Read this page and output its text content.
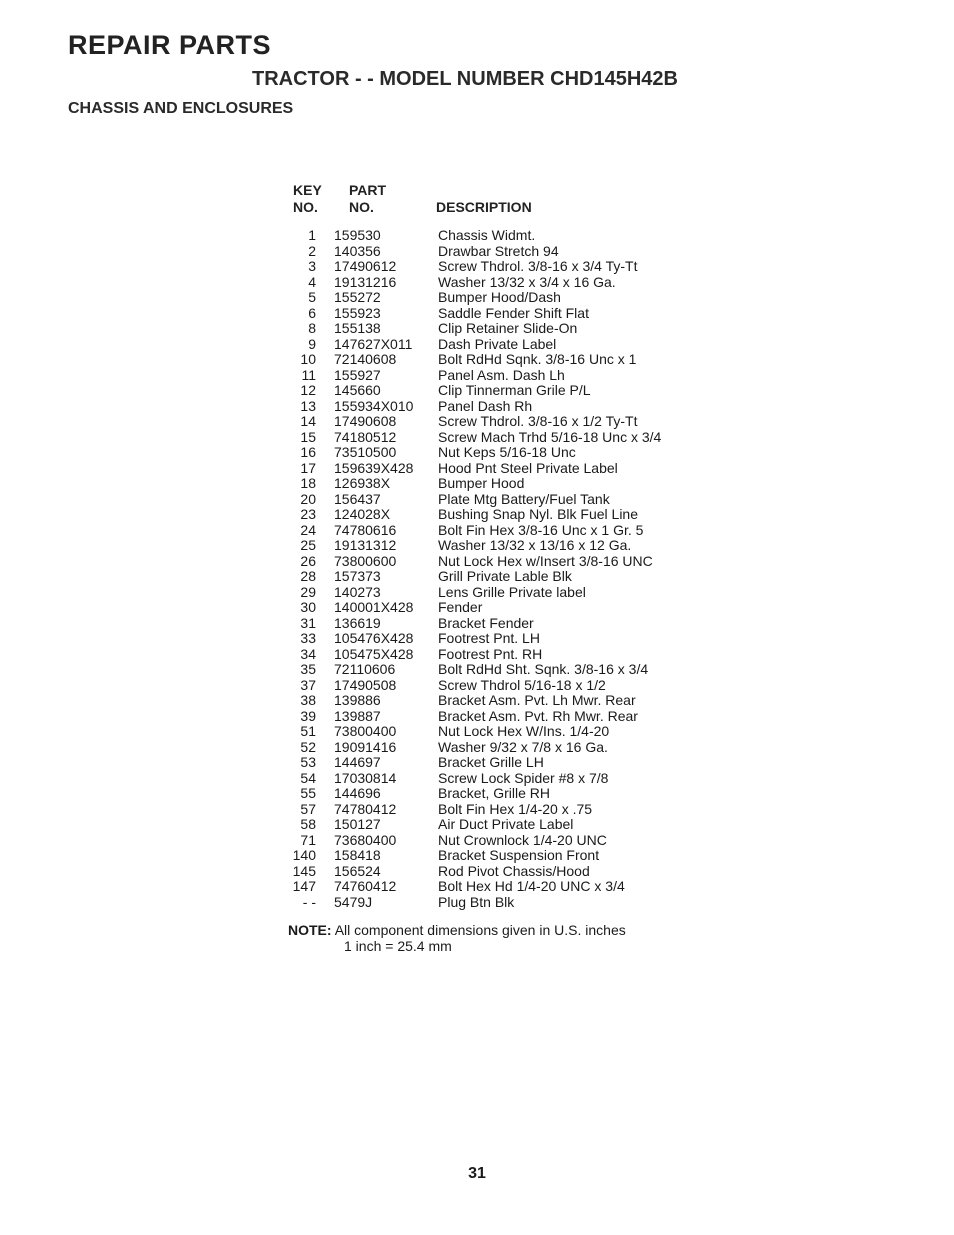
REPAIR PARTS
TRACTOR - - MODEL NUMBER CHD145H42B
CHASSIS AND ENCLOSURES
KEY
NO.
PART
NO.	DESCRIPTION
1 159530	Chassis Widmt.
2 140356	Drawbar Stretch 94
3 17490612	Screw Thdrol. 3/8-16 x 3/4 Ty-Tt
4 19131216	Washer 13/32 x 3/4 x 16 Ga.
5 155272	Bumper Hood/Dash
6 155923	Saddle Fender Shift Flat
8 155138	Clip Retainer Slide-On
9 147627X011 Dash Private Label
10 72140608	Bolt RdHd Sqnk. 3/8-16 Unc x 1
11 155927	Panel Asm. Dash Lh
12 145660	Clip Tinnerman Grile P/L
13 155934X010 Panel Dash Rh
14 17490608	Screw Thdrol. 3/8-16 x 1/2 Ty-Tt
15 74180512	Screw Mach Trhd 5/16-18 Unc x 3/4
16 73510500	Nut Keps 5/16-18 Unc
17 159639X428 Hood Pnt Steel Private Label
18 126938X	Bumper Hood
20 156437	Plate Mtg Battery/Fuel Tank
23 124028X	Bushing Snap Nyl. Blk Fuel Line
24 74780616	Bolt Fin Hex 3/8-16 Unc x 1 Gr. 5
25 19131312	Washer 13/32 x 13/16 x 12 Ga.
26 73800600	Nut Lock Hex w/Insert 3/8-16 UNC
28 157373	Grill Private Lable Blk
29 140273	Lens Grille Private label
30 140001X428 Fender
31 136619	Bracket Fender
33 105476X428 Footrest Pnt. LH
34 105475X428 Footrest Pnt. RH
35 72110606	Bolt RdHd Sht. Sqnk. 3/8-16 x 3/4
37 17490508	Screw Thdrol 5/16-18 x 1/2
38 139886	Bracket Asm. Pvt. Lh Mwr. Rear
39 139887	Bracket Asm. Pvt. Rh Mwr. Rear
51 73800400	Nut Lock Hex W/Ins. 1/4-20
52 19091416	Washer 9/32 x 7/8 x 16 Ga.
53 144697	Bracket Grille LH
54 17030814	Screw Lock Spider #8 x 7/8
55 144696	Bracket, Grille RH
57 74780412	Bolt Fin Hex 1/4-20 x .75
58 150127	Air Duct Private Label
71 73680400	Nut Crownlock 1/4-20 UNC
140 158418	Bracket Suspension Front
145 156524	Rod Pivot Chassis/Hood
147 74760412	Bolt Hex Hd 1/4-20 UNC x 3/4
- - 5479J	Plug Btn Blk
NOTE: All component dimensions given in U.S. inches
1 inch = 25.4 mm
31
